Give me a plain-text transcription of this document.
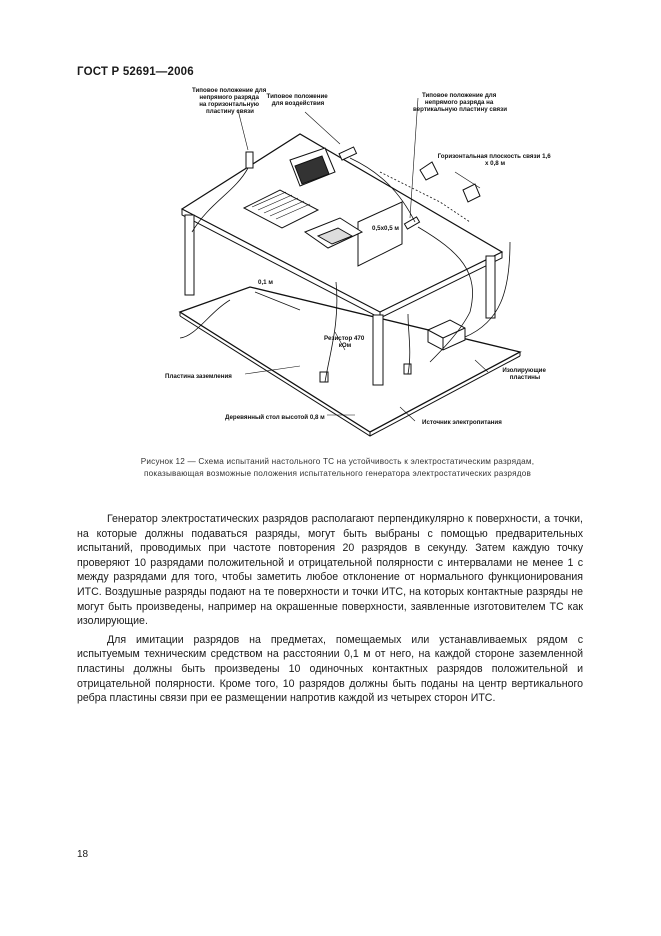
ГОСТ Р 52691—2006
Типовое положение для непрямого разряда на горизонтальную пластину связи
Типовое положение для воздействия
Типовое положение для непрямого разряда на вертикальную пластину связи
Горизонтальная плоскость связи 1,6 х 0,8 м
0,5х0,5 м
0,1 м
Резистор 470 кОм
Пластина заземления
Изолирующие пластины
Деревянный стол высотой 0,8 м
Источник электропитания
Рисунок 12 — Схема испытаний настольного ТС на устойчивость к электростатическим разрядам,
показывающая возможные положения испытательного генератора электростатических разрядов

Генератор электростатических разрядов располагают перпендикулярно к поверхности, а точки, на которые должны подаваться разряды, могут быть выбраны с помощью предварительных испытаний, проводимых при частоте повторения 20 разрядов в секунду. Затем каждую точку проверяют 10 разрядами положительной и отрицательной полярности с интервалами не менее 1 с между разрядами для того, чтобы заметить любое отклонение от нормального функционирования ИТС. Воздушные разряды подают на те поверхности и точки ИТС, на которых контактные разряды не могут быть произведены, например на окрашенные поверхности, заявленные изготовителем ТС как изолирующие.

Для имитации разрядов на предметах, помещаемых или устанавливаемых рядом с испытуемым техническим средством на расстоянии 0,1 м от него, на каждой стороне заземленной пластины должны быть произведены 10 одиночных контактных разрядов положительной и отрицательной полярности. Кроме того, 10 разрядов должны быть поданы на центр вертикального ребра пластины связи при ее размещении напротив каждой из четырех сторон ИТС.

18
